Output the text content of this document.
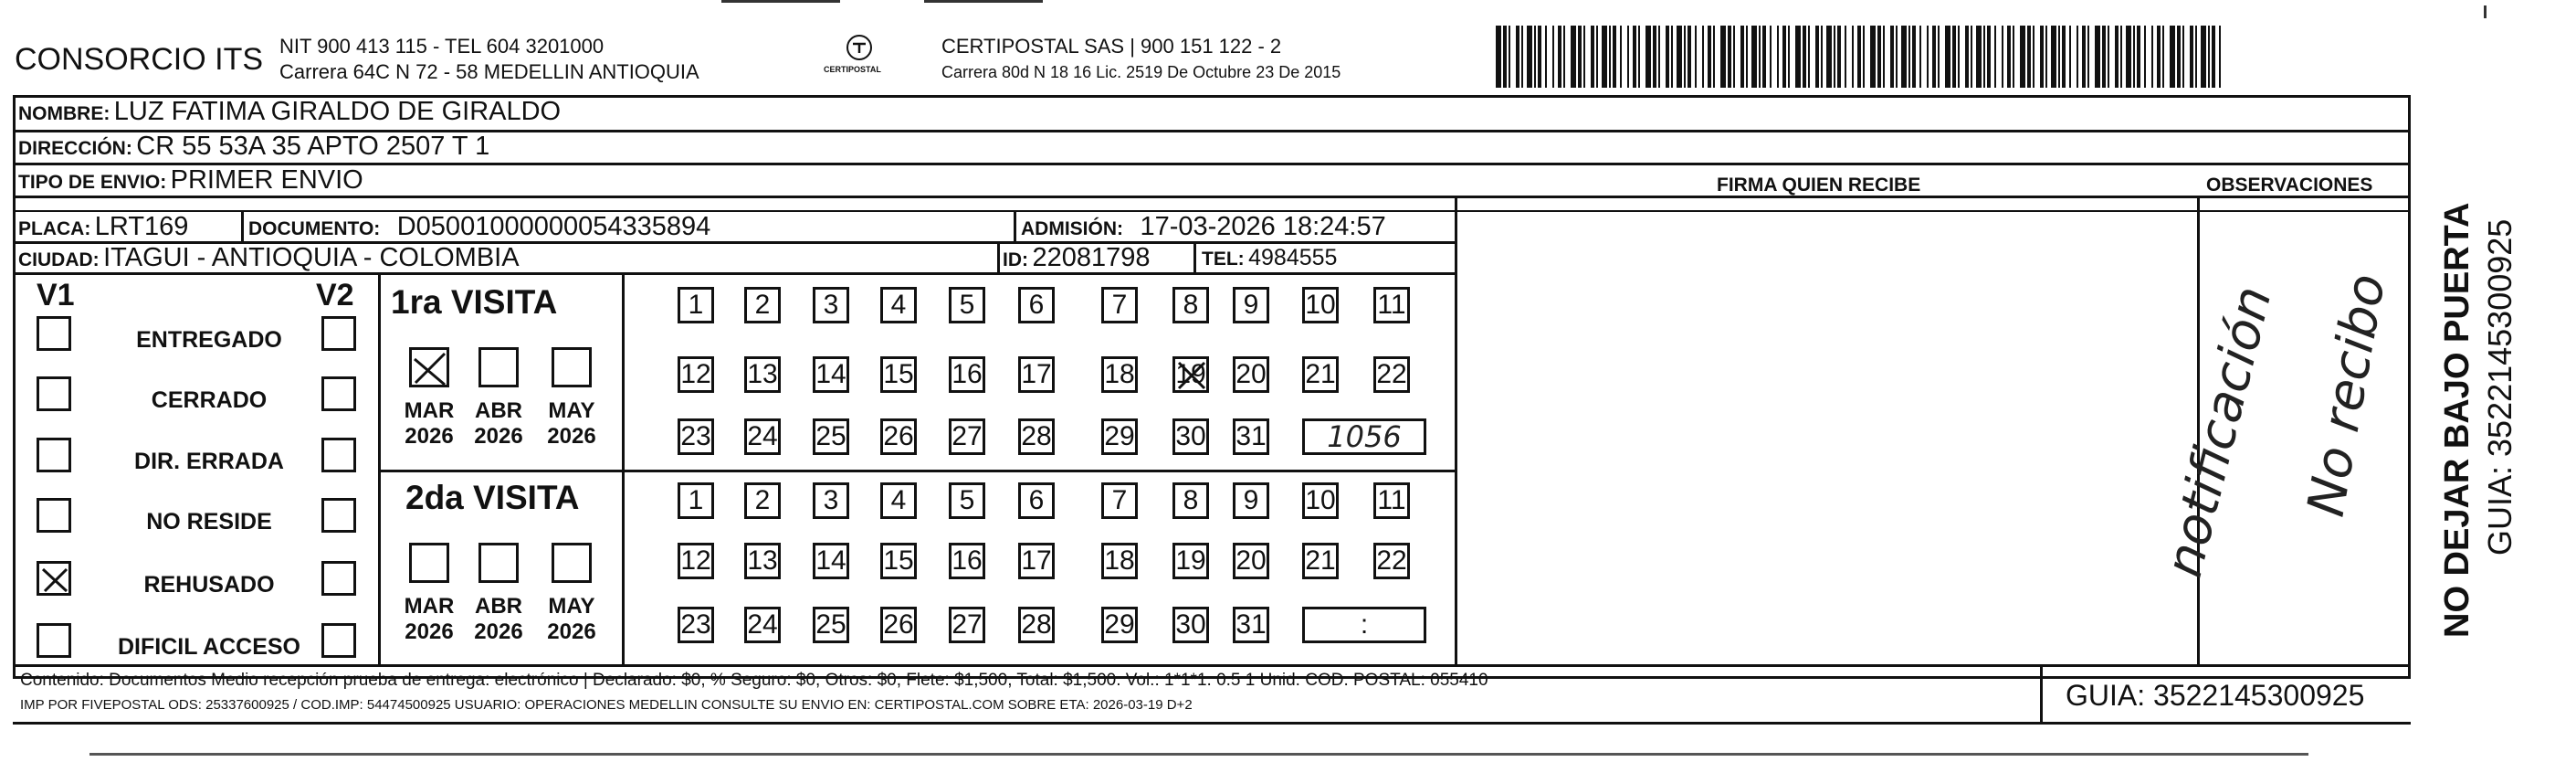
CONSORCIO ITS NIT 900 413 115 - TEL 604 3201000
Carrera 64C N 72 - 58 MEDELLIN ANTIOQUIA	CERTIPOSTAL
CERTIPOSTAL SAS | 900 151 122 - 2
Carrera 80d N 18 16 Lic. 2519 De Octubre 23 De 2015
NOMBRE: LUZ FATIMA GIRALDO DE GIRALDO
DIRECCIÓN: CR 55 53A 35 APTO 2507 T 1
TIPO DE ENVIO: PRIMER ENVIO	FIRMA QUIEN RECIBE	OBSERVACIONES
PLACA: LRT169	DOCUMENTO: D05001000000054335894	ADMISIÓN: 17-03-2026 18:24:57
CIUDAD: ITAGUI - ANTIOQUIA - COLOMBIA	ID: 22081798	TEL: 4984555
V1	V2
ENTREGADO
CERRADO
DIR. ERRADA
NO RESIDE
REHUSADO
DIFICIL ACCESO
1ra VISITA
2da VISITA
MAR
2026
ABR
2026
MAY
2026
MAR
2026
ABR
2026
MAY
2026
1	2	3	4	5	6	7	8	9	10 11
12 13 14 15 16 17 18 19 20 21 22
23 24 25 26 27 28 29 30 31	1056
1	2	3	4	5	6	7	8	9	10 11
12 13 14 15 16 17 18 19 20 21 22
23 24 25 26 27 28 29 30 31	:
No recibo
notificación
Contenido: Documentos Medio recepción prueba de entrega: electrónico | Declarado: $0, % Seguro: $0, Otros: $0, Flete: $1,500, Total: $1,500. Vol.: 1*1*1. 0.5 1 Unid. COD. POSTAL: 055410
IMP POR FIVEPOSTAL ODS: 25337600925 / COD.IMP: 54474500925 USUARIO: OPERACIONES MEDELLIN CONSULTE SU ENVIO EN: CERTIPOSTAL.COM SOBRE ETA: 2026-03-19 D+2	GUIA: 3522145300925
NO DEJAR BAJO PUERTA GUIA: 3522145300925
